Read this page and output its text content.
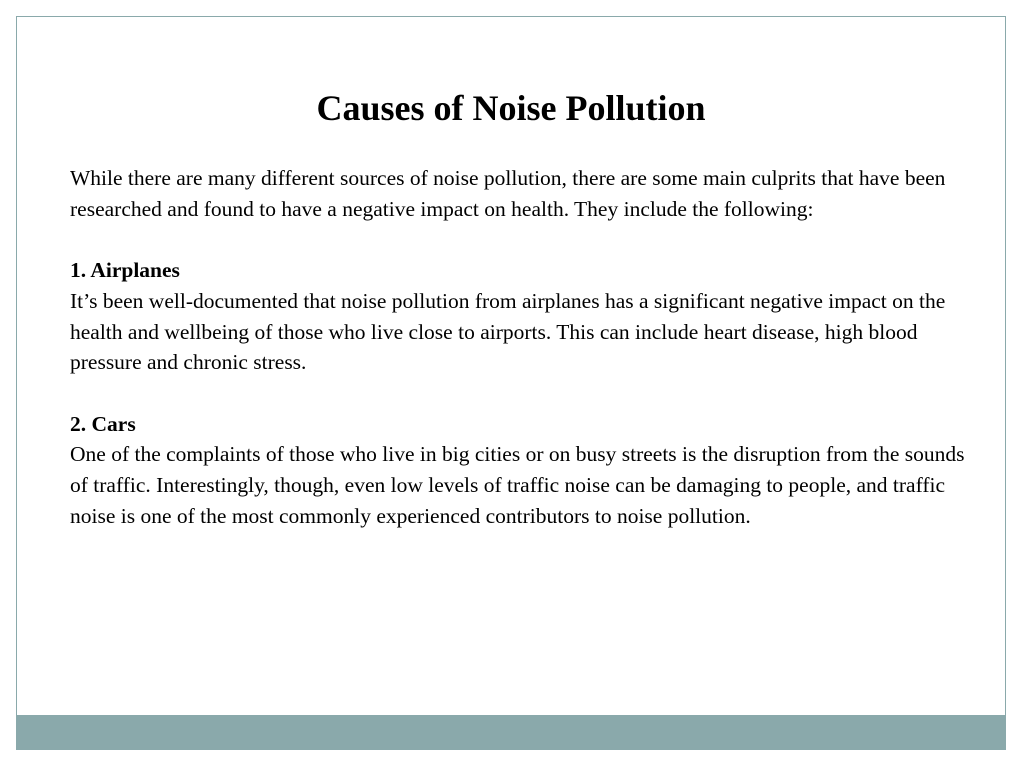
Causes of Noise Pollution

While there are many different sources of noise pollution, there are some main culprits that have been

researched and found to have a negative impact on health. They include the following:

1. Airplanes

It’s been well-documented that noise pollution from airplanes has a significant negative impact on the health and wellbeing of those who live close to airports. This can include heart disease, high blood pressure and chronic stress.

2. Cars

One of the complaints of those who live in big cities or on busy streets is the disruption from the sounds of traffic. Interestingly, though, even low levels of traffic noise can be damaging to people, and traffic noise is one of the most commonly experienced contributors to noise pollution.
